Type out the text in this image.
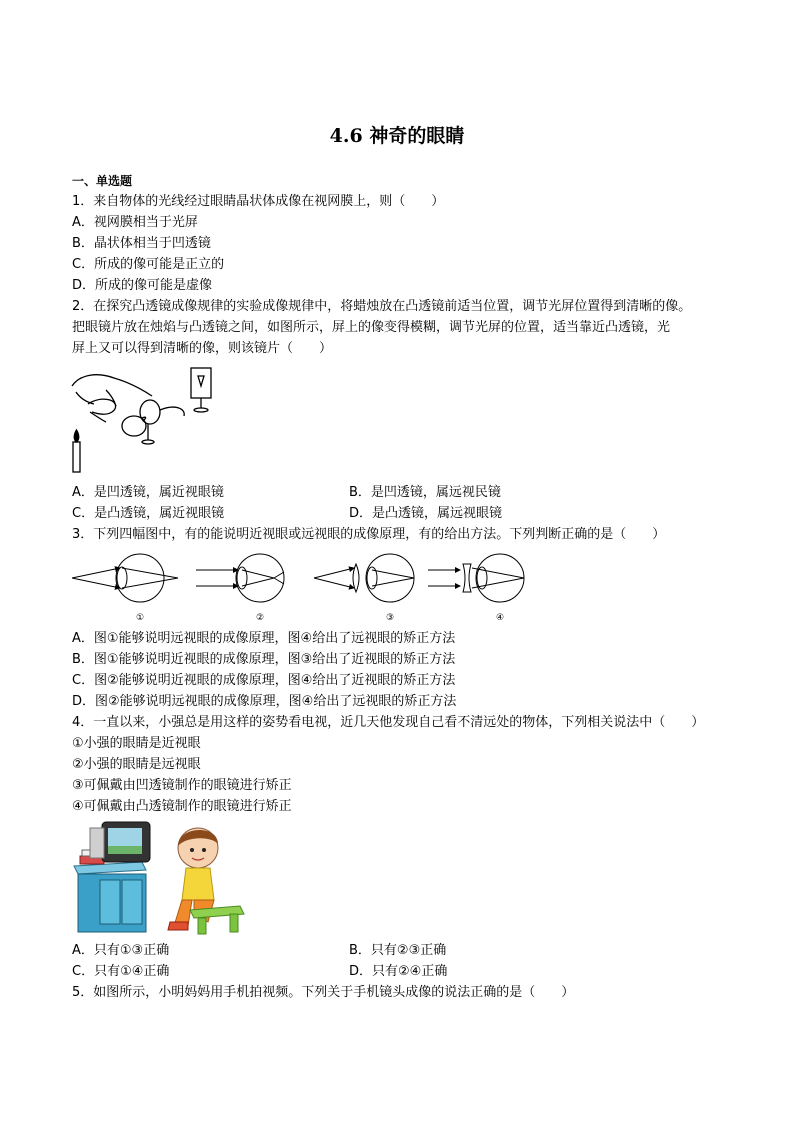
4.6 神奇的眼睛
一、单选题
1．来自物体的光线经过眼睛晶状体成像在视网膜上，则（　　）
A．视网膜相当于光屏
B．晶状体相当于凹透镜
C．所成的像可能是正立的
D．所成的像可能是虚像
2．在探究凸透镜成像规律的实验成像规律中，将蜡烛放在凸透镜前适当位置，调节光屏位置得到清晰的像。
把眼镜片放在烛焰与凸透镜之间，如图所示，屏上的像变得模糊，调节光屏的位置，适当靠近凸透镜，光
屏上又可以得到清晰的像，则该镜片（　　）
A．是凹透镜，属近视眼镜	B．是凹透镜，属远视民镜
C．是凸透镜，属近视眼镜	D．是凸透镜，属远视眼镜
3．下列四幅图中，有的能说明近视眼或远视眼的成像原理，有的给出方法。下列判断正确的是（　　）
①	②	③	④
A．图①能够说明远视眼的成像原理，图④给出了远视眼的矫正方法
B．图①能够说明近视眼的成像原理，图③给出了近视眼的矫正方法
C．图②能够说明近视眼的成像原理，图④给出了近视眼的矫正方法
D．图②能够说明远视眼的成像原理，图④给出了远视眼的矫正方法
4．一直以来，小强总是用这样的姿势看电视，近几天他发现自己看不清远处的物体，下列相关说法中（　　）
①小强的眼睛是近视眼
②小强的眼睛是远视眼
③可佩戴由凹透镜制作的眼镜进行矫正
④可佩戴由凸透镜制作的眼镜进行矫正
A．只有①③正确	B．只有②③正确
C．只有①④正确	D．只有②④正确
5．如图所示，小明妈妈用手机拍视频。下列关于手机镜头成像的说法正确的是（　　）
